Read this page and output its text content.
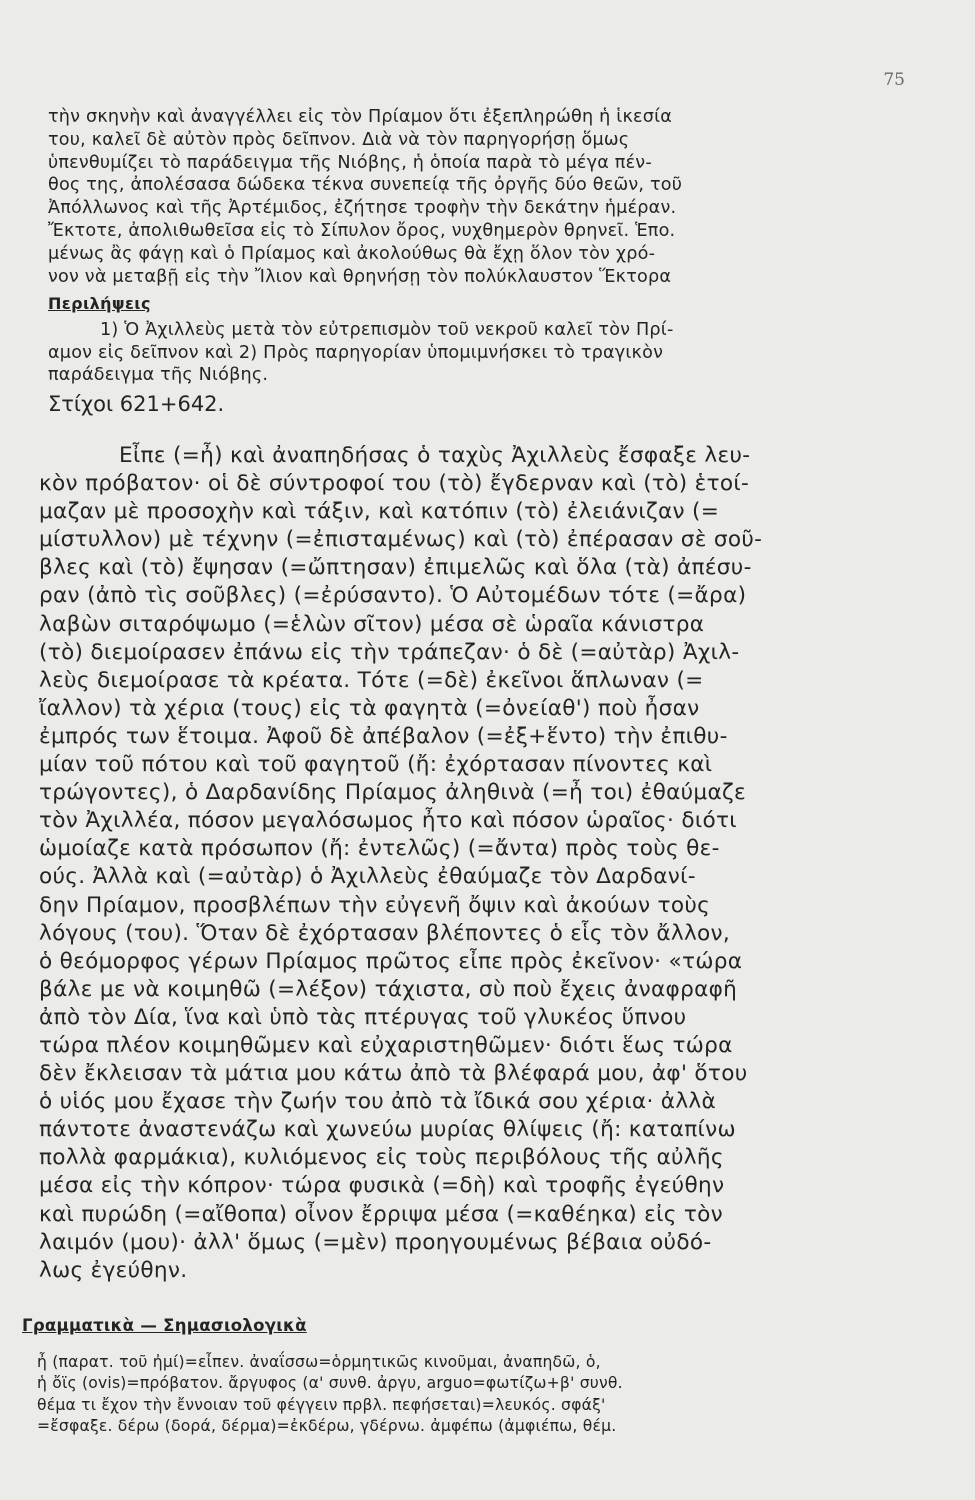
75
τὴν σκηνὴν καὶ ἀναγγέλλει εἰς τὸν Πρίαμον ὅτι ἐξεπληρώθη ἡ ἱκεσία
του, καλεῖ δὲ αὐτὸν πρὸς δεῖπνον. Διὰ νὰ τὸν παρηγορήσῃ ὅμως
ὑπενθυμίζει τὸ παράδειγμα τῆς Νιόβης, ἡ ὁποία παρὰ τὸ μέγα πέν-
θος της, ἀπολέσασα δώδεκα τέκνα συνεπείᾳ τῆς ὀργῆς δύο θεῶν, τοῦ
Ἀπόλλωνος καὶ τῆς Ἀρτέμιδος, ἐζήτησε τροφὴν τὴν δεκάτην ἡμέραν.
Ἔκτοτε, ἀπολιθωθεῖσα εἰς τὸ Σίπυλον ὄρος, νυχθημερὸν θρηνεῖ. Ἑπο.
μένως ἂς φάγῃ καὶ ὁ Πρίαμος καὶ ἀκολούθως θὰ ἔχῃ ὅλον τὸν χρό-
νον νὰ μεταβῇ εἰς τὴν Ἴλιον καὶ θρηνήσῃ τὸν πολύκλαυστον Ἕκτορα
Περιλήψεις
1) Ὁ Ἀχιλλεὺς μετὰ τὸν εὐτρεπισμὸν τοῦ νεκροῦ καλεῖ τὸν Πρί-
αμον εἰς δεῖπνον καὶ 2) Πρὸς παρηγορίαν ὑπομιμνήσκει τὸ τραγικὸν
παράδειγμα τῆς Νιόβης.
Στίχοι 621+642.
Εἶπε (=ἦ) καὶ ἀναπηδήσας ὁ ταχὺς Ἀχιλλεὺς ἔσφαξε λευ-
κὸν πρόβατον· οἱ δὲ σύντροφοί του (τὸ) ἔγδερναν καὶ (τὸ) ἑτοί-
μαζαν μὲ προσοχὴν καὶ τάξιν, καὶ κατόπιν (τὸ) ἐλειάνιζαν (=
μίστυλλον) μὲ τέχνην (=ἐπισταμένως) καὶ (τὸ) ἐπέρασαν σὲ σοῦ-
βλες καὶ (τὸ) ἔψησαν (=ὤπτησαν) ἐπιμελῶς καὶ ὅλα (τὰ) ἀπέσυ-
ραν (ἀπὸ τὶς σοῦβλες) (=ἐρύσαντο). Ὁ Αὐτομέδων τότε (=ἄρα)
λαβὼν σιταρόψωμο (=ἑλὼν σῖτον) μέσα σὲ ὡραῖα κάνιστρα
(τὸ) διεμοίρασεν ἐπάνω εἰς τὴν τράπεζαν· ὁ δὲ (=αὐτὰρ) Ἀχιλ-
λεὺς διεμοίρασε τὰ κρέατα. Τότε (=δὲ) ἐκεῖνοι ἅπλωναν (=
ἴαλλον) τὰ χέρια (τους) εἰς τὰ φαγητὰ (=ὀνείαθ') ποὺ ἦσαν
ἐμπρός των ἕτοιμα. Ἀφοῦ δὲ ἀπέβαλον (=ἐξ+ἕντο) τὴν ἐπιθυ-
μίαν τοῦ πότου καὶ τοῦ φαγητοῦ (ἤ: ἐχόρτασαν πίνοντες καὶ
τρώγοντες), ὁ Δαρδανίδης Πρίαμος ἀληθινὰ (=ἦ τοι) ἐθαύμαζε
τὸν Ἀχιλλέα, πόσον μεγαλόσωμος ἦτο καὶ πόσον ὡραῖος· διότι
ὡμοίαζε κατὰ πρόσωπον (ἤ: ἐντελῶς) (=ἄντα) πρὸς τοὺς θε-
ούς. Ἀλλὰ καὶ (=αὐτὰρ) ὁ Ἀχιλλεὺς ἐθαύμαζε τὸν Δαρδανί-
δην Πρίαμον, προσβλέπων τὴν εὐγενῆ ὄψιν καὶ ἀκούων τοὺς
λόγους (του). Ὅταν δὲ ἐχόρτασαν βλέποντες ὁ εἷς τὸν ἄλλον,
ὁ θεόμορφος γέρων Πρίαμος πρῶτος εἶπε πρὸς ἐκεῖνον· «τώρα
βάλε με νὰ κοιμηθῶ (=λέξον) τάχιστα, σὺ ποὺ ἔχεις ἀναφραφῆ
ἀπὸ τὸν Δία, ἵνα καὶ ὑπὸ τὰς πτέρυγας τοῦ γλυκέος ὕπνου
τώρα πλέον κοιμηθῶμεν καὶ εὐχαριστηθῶμεν· διότι ἕως τώρα
δὲν ἔκλεισαν τὰ μάτια μου κάτω ἀπὸ τὰ βλέφαρά μου, ἀφ' ὅτου
ὁ υἱός μου ἔχασε τὴν ζωήν του ἀπὸ τὰ ἴδικά σου χέρια· ἀλλὰ
πάντοτε ἀναστενάζω καὶ χωνεύω μυρίας θλίψεις (ἤ: καταπίνω
πολλὰ φαρμάκια), κυλιόμενος εἰς τοὺς περιβόλους τῆς αὐλῆς
μέσα εἰς τὴν κόπρον· τώρα φυσικὰ (=δὴ) καὶ τροφῆς ἐγεύθην
καὶ πυρώδη (=αἴθοπα) οἶνον ἔρριψα μέσα (=καθέηκα) εἰς τὸν
λαιμόν (μου)· ἀλλ' ὅμως (=μὲν) προηγουμένως βέβαια οὐδό-
λως ἐγεύθην.
Γραμματικὰ — Σημασιολογικὰ
ἦ (παρατ. τοῦ ἠμί)=εἶπεν. ἀναΐσσω=ὁρμητικῶς κινοῦμαι, ἀναπηδῶ, ὁ,
ἡ ὄϊς (ovis)=πρόβατον. ἄργυφος (α' συνθ. ἀργυ, arguo=φωτίζω+β' συνθ.
θέμα τι ἔχον τὴν ἔννοιαν τοῦ φέγγειν πρβλ. πεφήσεται)=λευκός. σφάξ'
=ἔσφαξε. δέρω (δορά, δέρμα)=ἐκδέρω, γδέρνω. ἀμφέπω (ἀμφιέπω, θέμ.
